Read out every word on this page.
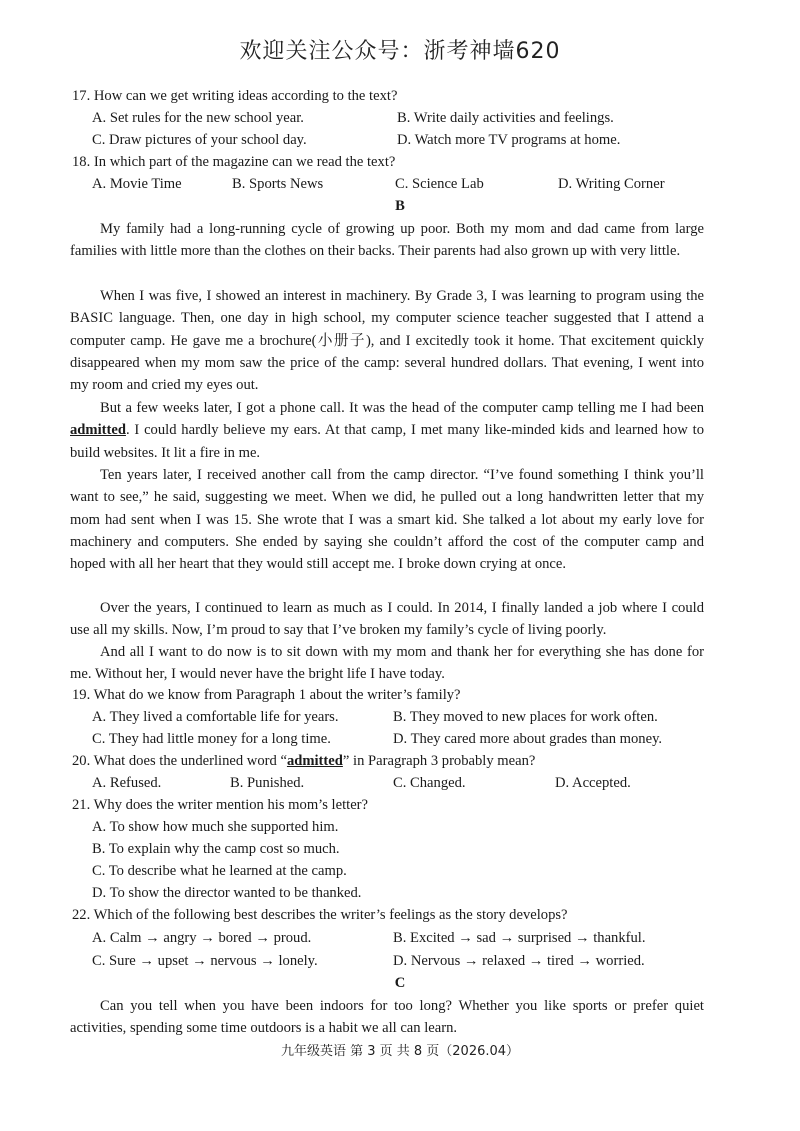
欢迎关注公众号：浙考神墙620
17. How can we get writing ideas according to the text?
A. Set rules for the new school year.	B. Write daily activities and feelings.
C. Draw pictures of your school day.	D. Watch more TV programs at home.
18. In which part of the magazine can we read the text?
A. Movie Time	B. Sports News	C. Science Lab	D. Writing Corner
B
My family had a long-running cycle of growing up poor. Both my mom and dad came from large families with little more than the clothes on their backs. Their parents had also grown up with very little.
When I was five, I showed an interest in machinery. By Grade 3, I was learning to program using the BASIC language. Then, one day in high school, my computer science teacher suggested that I attend a computer camp. He gave me a brochure(小册子), and I excitedly took it home. That excitement quickly disappeared when my mom saw the price of the camp: several hundred dollars. That evening, I went into my room and cried my eyes out.
But a few weeks later, I got a phone call. It was the head of the computer camp telling me I had been admitted. I could hardly believe my ears. At that camp, I met many like-minded kids and learned how to build websites. It lit a fire in me.
Ten years later, I received another call from the camp director. “I’ve found something I think you’ll want to see,” he said, suggesting we meet. When we did, he pulled out a long handwritten letter that my mom had sent when I was 15. She wrote that I was a smart kid. She talked a lot about my early love for machinery and computers. She ended by saying she couldn’t afford the cost of the computer camp and hoped with all her heart that they would still accept me. I broke down crying at once.
Over the years, I continued to learn as much as I could. In 2014, I finally landed a job where I could use all my skills. Now, I’m proud to say that I’ve broken my family’s cycle of living poorly.
And all I want to do now is to sit down with my mom and thank her for everything she has done for me. Without her, I would never have the bright life I have today.
19. What do we know from Paragraph 1 about the writer’s family?
A. They lived a comfortable life for years.	B. They moved to new places for work often.
C. They had little money for a long time.	D. They cared more about grades than money.
20. What does the underlined word “admitted” in Paragraph 3 probably mean?
A. Refused.	B. Punished.	C. Changed.	D. Accepted.
21. Why does the writer mention his mom’s letter?
A. To show how much she supported him.
B. To explain why the camp cost so much.
C. To describe what he learned at the camp.
D. To show the director wanted to be thanked.
22. Which of the following best describes the writer’s feelings as the story develops?
A. Calm → angry → bored → proud.	B. Excited → sad → surprised → thankful.
C. Sure → upset → nervous → lonely.	D. Nervous → relaxed → tired → worried.
C
Can you tell when you have been indoors for too long? Whether you like sports or prefer quiet activities, spending some time outdoors is a habit we all can learn.
九年级英语 第 3 页 共 8 页（2026.04）
